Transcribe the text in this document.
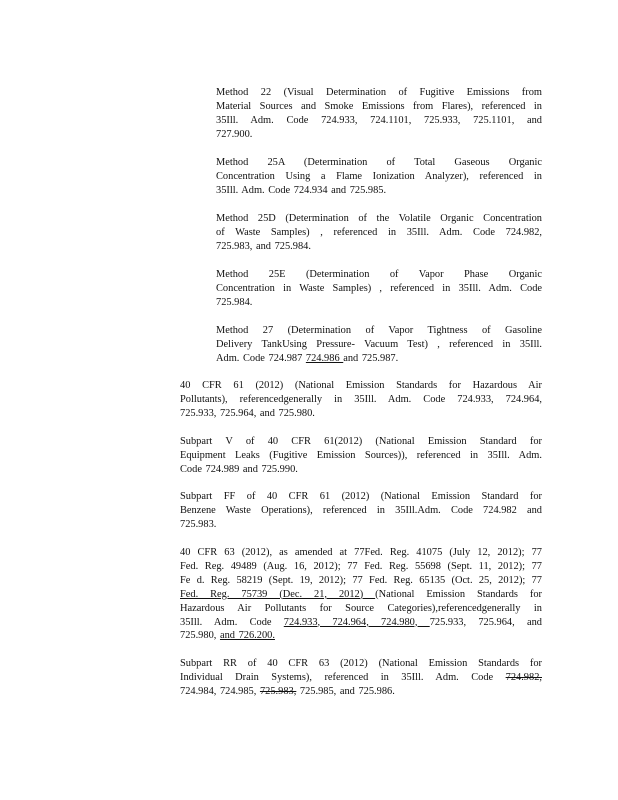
Method 22 (Visual Determination of Fugitive Emissions from
Material Sources and Smoke Emissions from Flares), referenced in
35Ill. Adm. Code 724.933, 724.1101, 725.933, 725.1101, and
727.900.
Method 25A (Determination of Total Gaseous Organic
Concentration Using a Flame Ionization Analyzer), referenced in
35Ill. Adm. Code 724.934 and 725.985.
Method 25D (Determination of the Volatile Organic Concentration
of Waste Samples) , referenced in 35Ill. Adm. Code 724.982,
725.983, and 725.984.
Method 25E (Determination of Vapor Phase Organic
Concentration in Waste Samples) , referenced in 35Ill. Adm. Code
725.984.
Method 27 (Determination of Vapor Tightness of Gasoline
Delivery TankUsing Pressure- Vacuum Test) , referenced in 35Ill.
Adm. Code 724.987 724.986 and 725.987.
40 CFR 61 (2012) (National Emission Standards for Hazardous Air
Pollutants), referencedgenerally in 35Ill. Adm. Code 724.933, 724.964,
725.933, 725.964, and 725.980.
Subpart V of 40 CFR 61(2012) (National Emission Standard for
Equipment Leaks (Fugitive Emission Sources)), referenced in 35Ill. Adm.
Code 724.989 and 725.990.
Subpart FF of 40 CFR 61 (2012) (National Emission Standard for
Benzene Waste Operations), referenced in 35Ill.Adm. Code 724.982 and
725.983.
40 CFR 63 (2012), as amended at 77Fed. Reg. 41075 (July 12, 2012); 77
Fed. Reg. 49489 (Aug. 16, 2012); 77 Fed. Reg. 55698 (Sept. 11, 2012); 77
Fe d. Reg. 58219 (Sept. 19, 2012); 77 Fed. Reg. 65135 (Oct. 25, 2012); 77
Fed. Reg. 75739 (Dec. 21, 2012) (National Emission Standards for
Hazardous Air Pollutants for Source Categories),referencedgenerally in
35Ill. Adm. Code 724.933, 724.964, 724.980, 725.933, 725.964, and
725.980, and 726.200.
Subpart RR of 40 CFR 63 (2012) (National Emission Standards for
Individual Drain Systems), referenced in 35Ill. Adm. Code 724.982,
724.984, 724.985, 725.983, 725.985, and 725.986.
